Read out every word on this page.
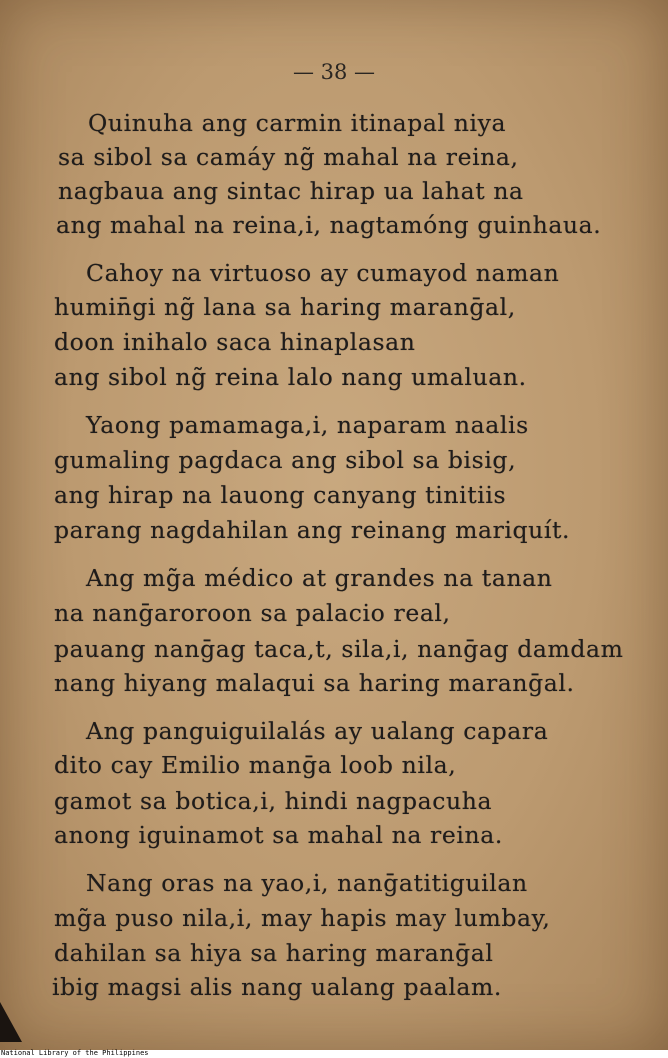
— 38 —
Quinuha ang carmin itinapal niya
sa sibol sa camáy ng̃ mahal na reina,
nagbaua ang sintac hirap ua lahat na
ang mahal na reina,i, nagtamóng guinhaua.
Cahoy na virtuoso ay cumayod naman
humin̄gi ng̃ lana sa haring maranḡal,
doon inihalo saca hinaplasan
ang sibol ng̃ reina lalo nang umaluan.
Yaong pamamaga,i, naparam naalis
gumaling pagdaca ang sibol sa bisig,
ang hirap na lauong canyang tinitiis
parang nagdahilan ang reinang mariquít.
Ang mg̃a médico at grandes na tanan
na nanḡaroroon sa palacio real,
pauang nanḡag taca,t, sila,i, nanḡag damdam
nang hiyang malaqui sa haring maranḡal.
Ang panguiguilalás ay ualang capara
dito cay Emilio manḡa loob nila,
gamot sa botica,i, hindi nagpacuha
anong iguinamot sa mahal na reina.
Nang oras na yao,i, nanḡatitiguilan
mg̃a puso nila,i, may hapis may lumbay,
dahilan sa hiya sa haring maranḡal
ibig magsi alis nang ualang paalam.
National Library of the Philippines
